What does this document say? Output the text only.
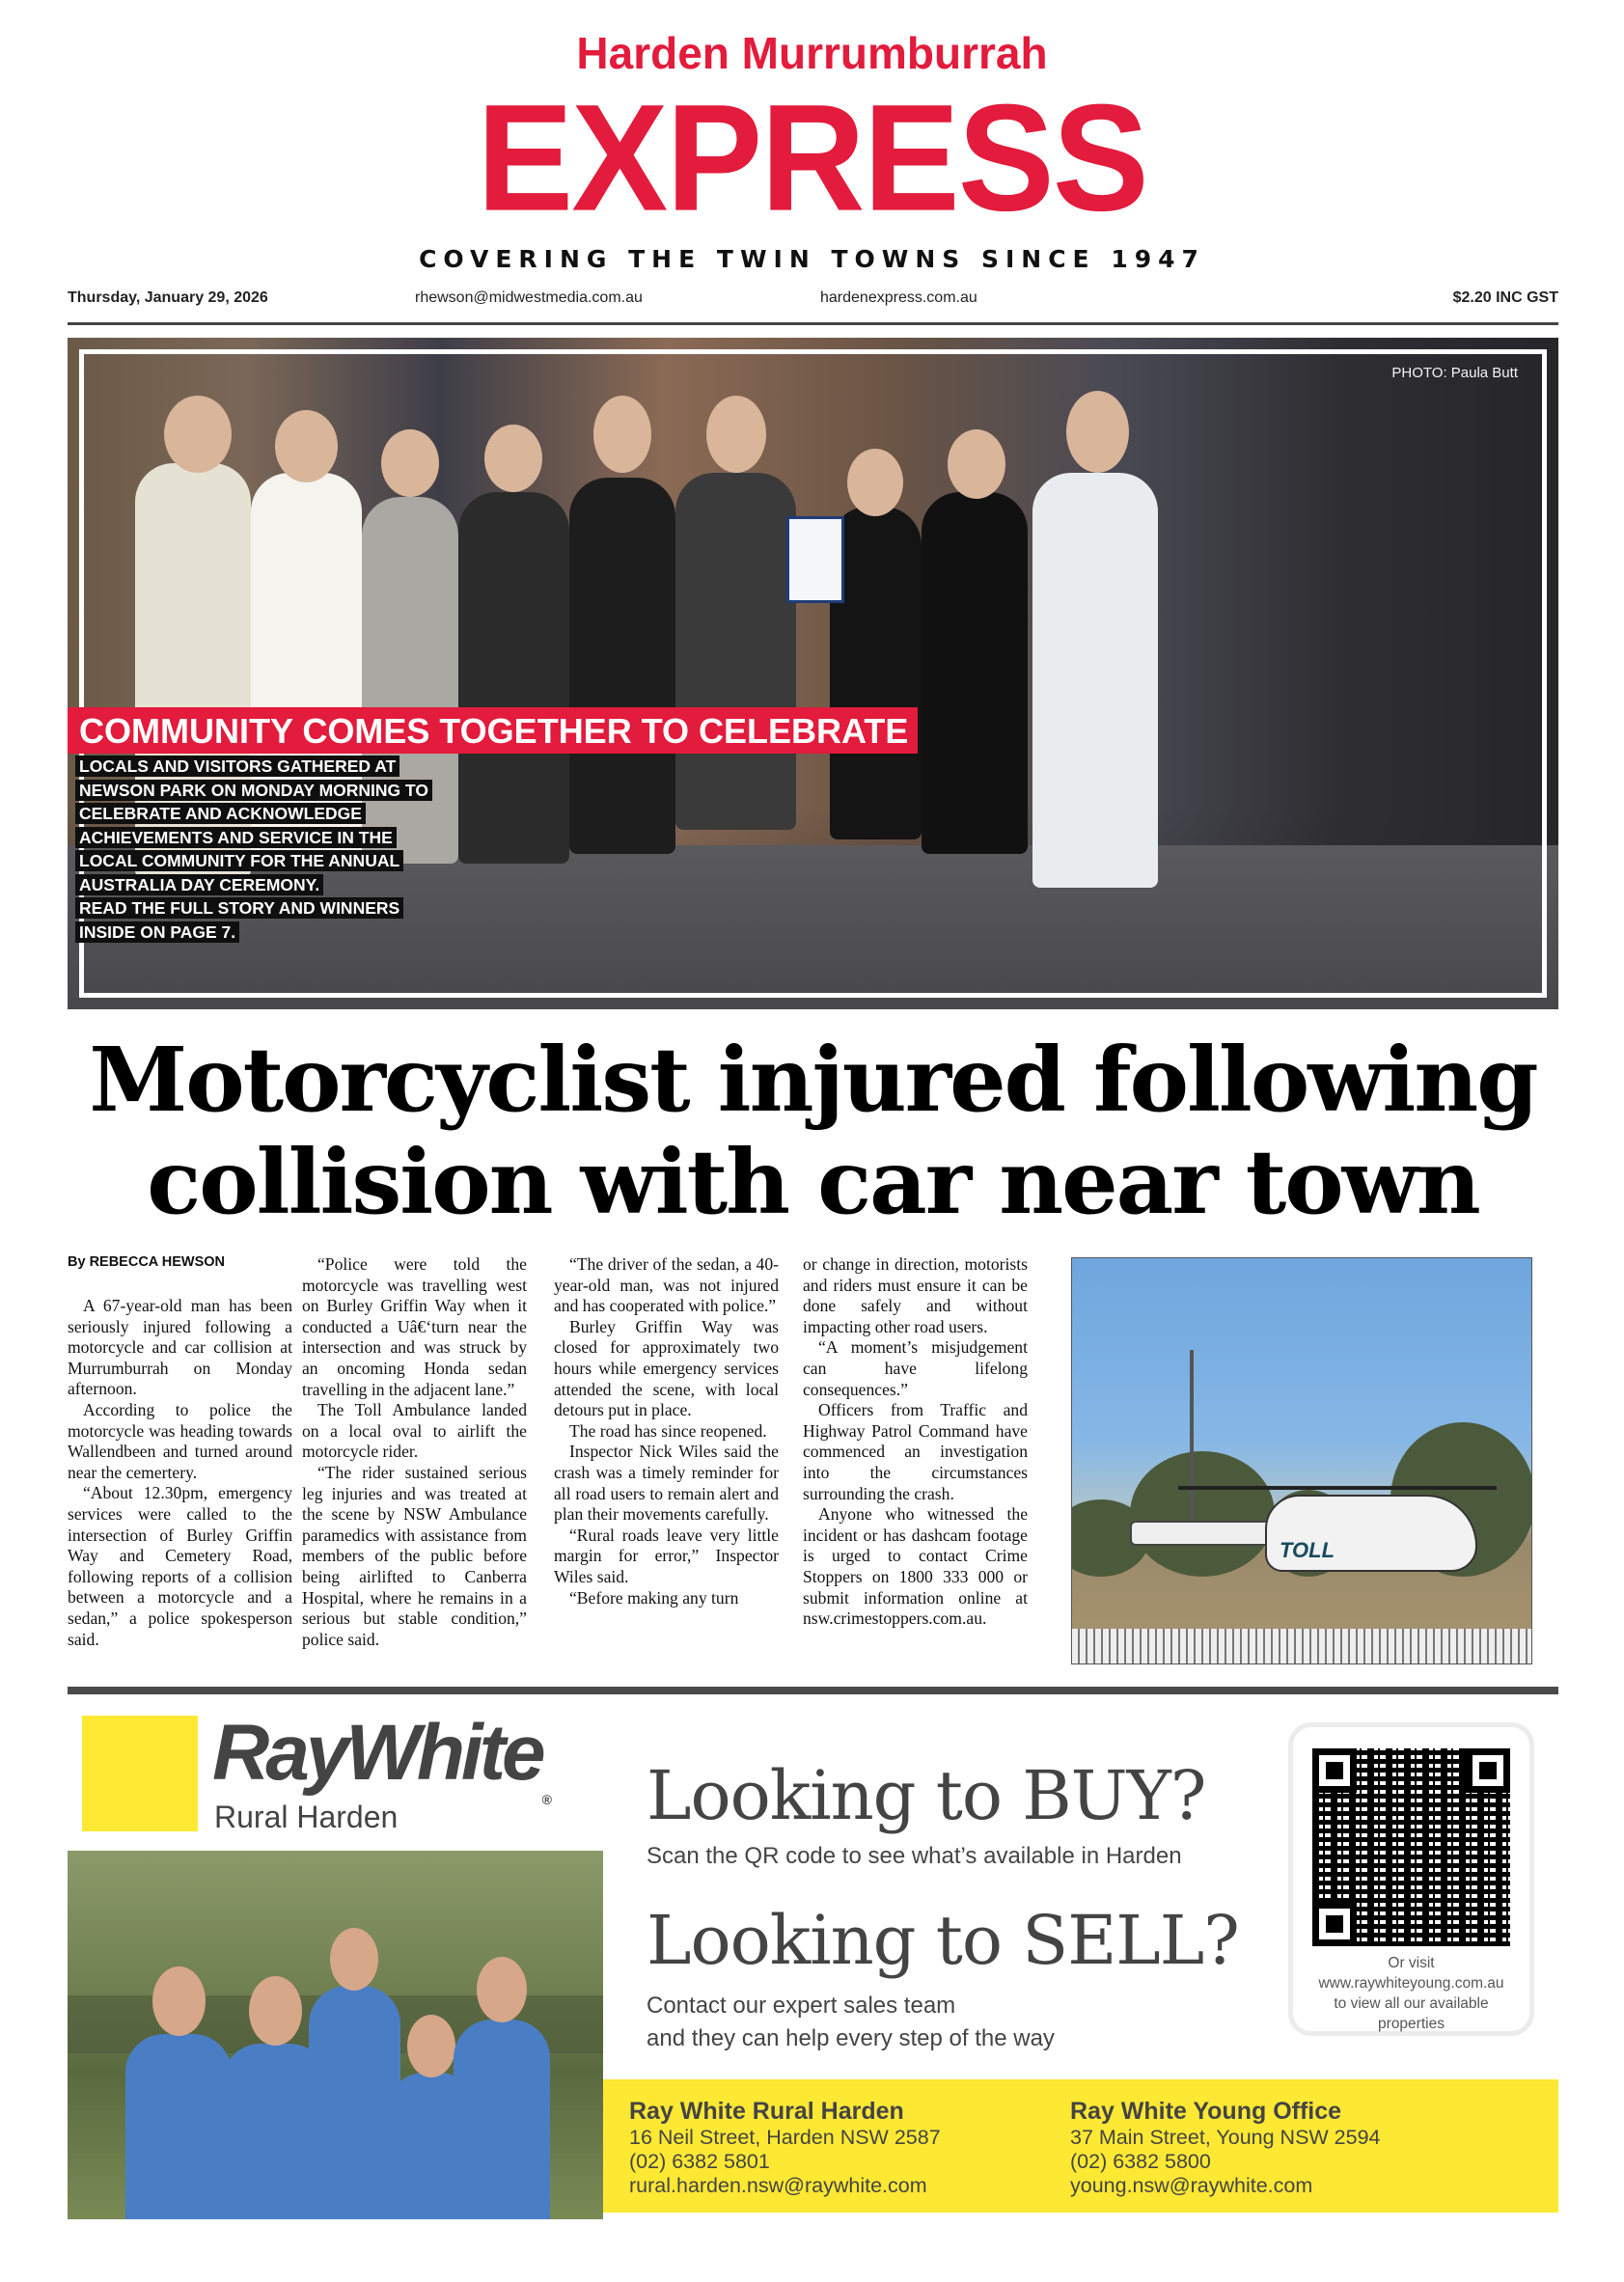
Harden Murrumburrah
EXPRESS
COVERING THE TWIN TOWNS SINCE 1947
Thursday, January 29, 2026	rhewson@midwestmedia.com.au	hardenexpress.com.au	$2.20 INC GST
PHOTO: Paula Butt
COMMUNITY COMES TOGETHER TO CELEBRATE
LOCALS AND VISITORS GATHERED AT
NEWSON PARK ON MONDAY MORNING TO
CELEBRATE AND ACKNOWLEDGE
ACHIEVEMENTS AND SERVICE IN THE
LOCAL COMMUNITY FOR THE ANNUAL
AUSTRALIA DAY CEREMONY.
READ THE FULL STORY AND WINNERS
INSIDE ON PAGE 7.
Motorcyclist injured following
collision with car near town
By REBECCA HEWSON

A 67-year-old man has been seriously injured following a motorcycle and car collision at Murrumburrah on Monday afternoon.

According to police the motorcycle was heading towards Wallendbeen and turned around near the cemertery.

“About 12.30pm, emergency services were called to the intersection of Burley Griffin Way and Cemetery Road, following reports of a collision between a motorcycle and a sedan,” a police spokesperson said.

“Police were told the motorcycle was travelling west on Burley Griffin Way when it conducted a Uâ€‘turn near the intersection and was struck by an oncoming Honda sedan travelling in the adjacent lane.”

The Toll Ambulance landed on a local oval to airlift the motorcycle rider.

“The rider sustained serious leg injuries and was treated at the scene by NSW Ambulance paramedics with assistance from members of the public before being airlifted to Canberra Hospital, where he remains in a serious but stable condition,” police said.

“The driver of the sedan, a 40-year-old man, was not injured and has cooperated with police.”

Burley Griffin Way was closed for approximately two hours while emergency services attended the scene, with local detours put in place.

The road has since reopened.

Inspector Nick Wiles said the crash was a timely reminder for all road users to remain alert and plan their movements carefully.

“Rural roads leave very little margin for error,” Inspector Wiles said.

“Before making any turn

or change in direction, motorists and riders must ensure it can be done safely and without impacting other road users.

“A moment’s misjudgement can have lifelong consequences.”

Officers from Traffic and Highway Patrol Command have commenced an investigation into the circumstances surrounding the crash.

Anyone who witnessed the incident or has dashcam footage is urged to contact Crime Stoppers on 1800 333 000 or submit information online at nsw.crimestoppers.com.au.

TOLL
RayWhite®
Rural Harden	Looking to BUY?
Scan the QR code to see what’s available in Harden
Looking to SELL?
Contact our expert sales team
and they can help every step of the way
Or visit
www.raywhiteyoung.com.au
to view all our available
properties
Ray White Rural Harden
16 Neil Street, Harden NSW 2587
(02) 6382 5801
rural.harden.nsw@raywhite.com
Ray White Young Office
37 Main Street, Young NSW 2594
(02) 6382 5800
young.nsw@raywhite.com
